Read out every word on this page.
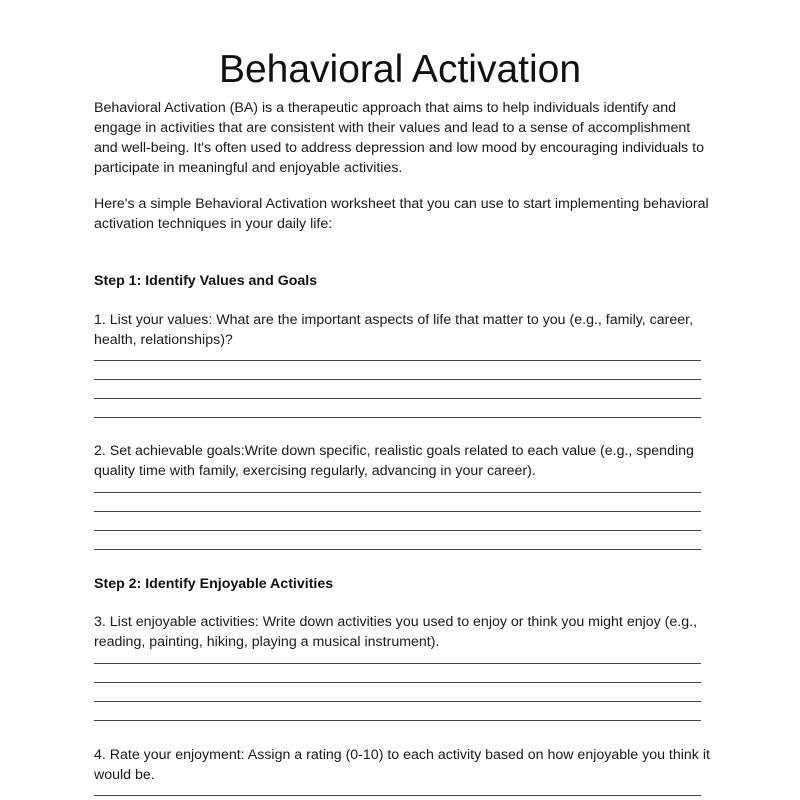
Behavioral Activation
Behavioral Activation (BA) is a therapeutic approach that aims to help individuals identify and engage in activities that are consistent with their values and lead to a sense of accomplishment and well-being. It's often used to address depression and low mood by encouraging individuals to participate in meaningful and enjoyable activities.
Here's a simple Behavioral Activation worksheet that you can use to start implementing behavioral activation techniques in your daily life:
Step 1: Identify Values and Goals
1. List your values: What are the important aspects of life that matter to you (e.g., family, career, health, relationships)?
2. Set achievable goals:Write down specific, realistic goals related to each value (e.g., spending quality time with family, exercising regularly, advancing in your career).
Step 2: Identify Enjoyable Activities
3. List enjoyable activities: Write down activities you used to enjoy or think you might enjoy (e.g., reading, painting, hiking, playing a musical instrument).
4. Rate your enjoyment: Assign a rating (0-10) to each activity based on how enjoyable you think it would be.
